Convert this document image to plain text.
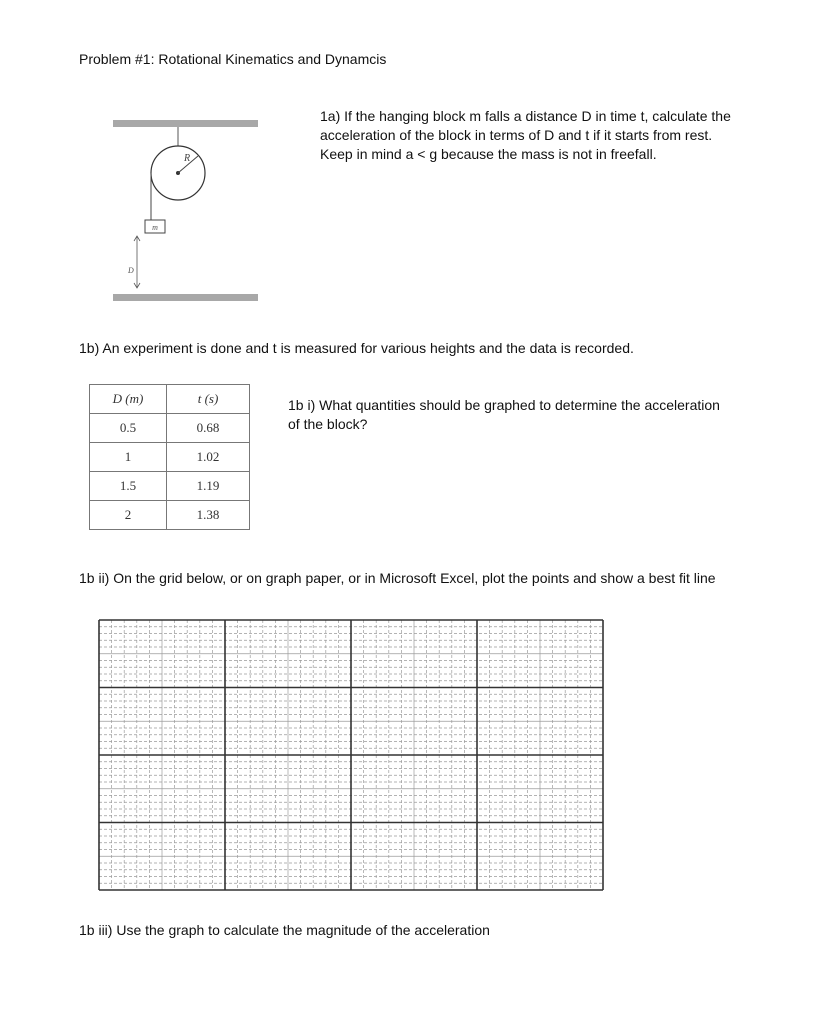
Problem #1: Rotational Kinematics and Dynamcis
R
m
D
1a) If the hanging block m falls a distance D in time t, calculate the
acceleration of the block in terms of D and t if it starts from rest.
Keep in mind a < g because the mass is not in freefall.
1b) An experiment is done and t is measured for various heights and the data is recorded.
D (m)	t (s)
0.5	0.68
1	1.02
1.5	1.19
2	1.38
1b i) What quantities should be graphed to determine the acceleration
of the block?
1b ii) On the grid below, or on graph paper, or in Microsoft Excel, plot the points and show a best fit line
1b iii) Use the graph to calculate the magnitude of the acceleration
